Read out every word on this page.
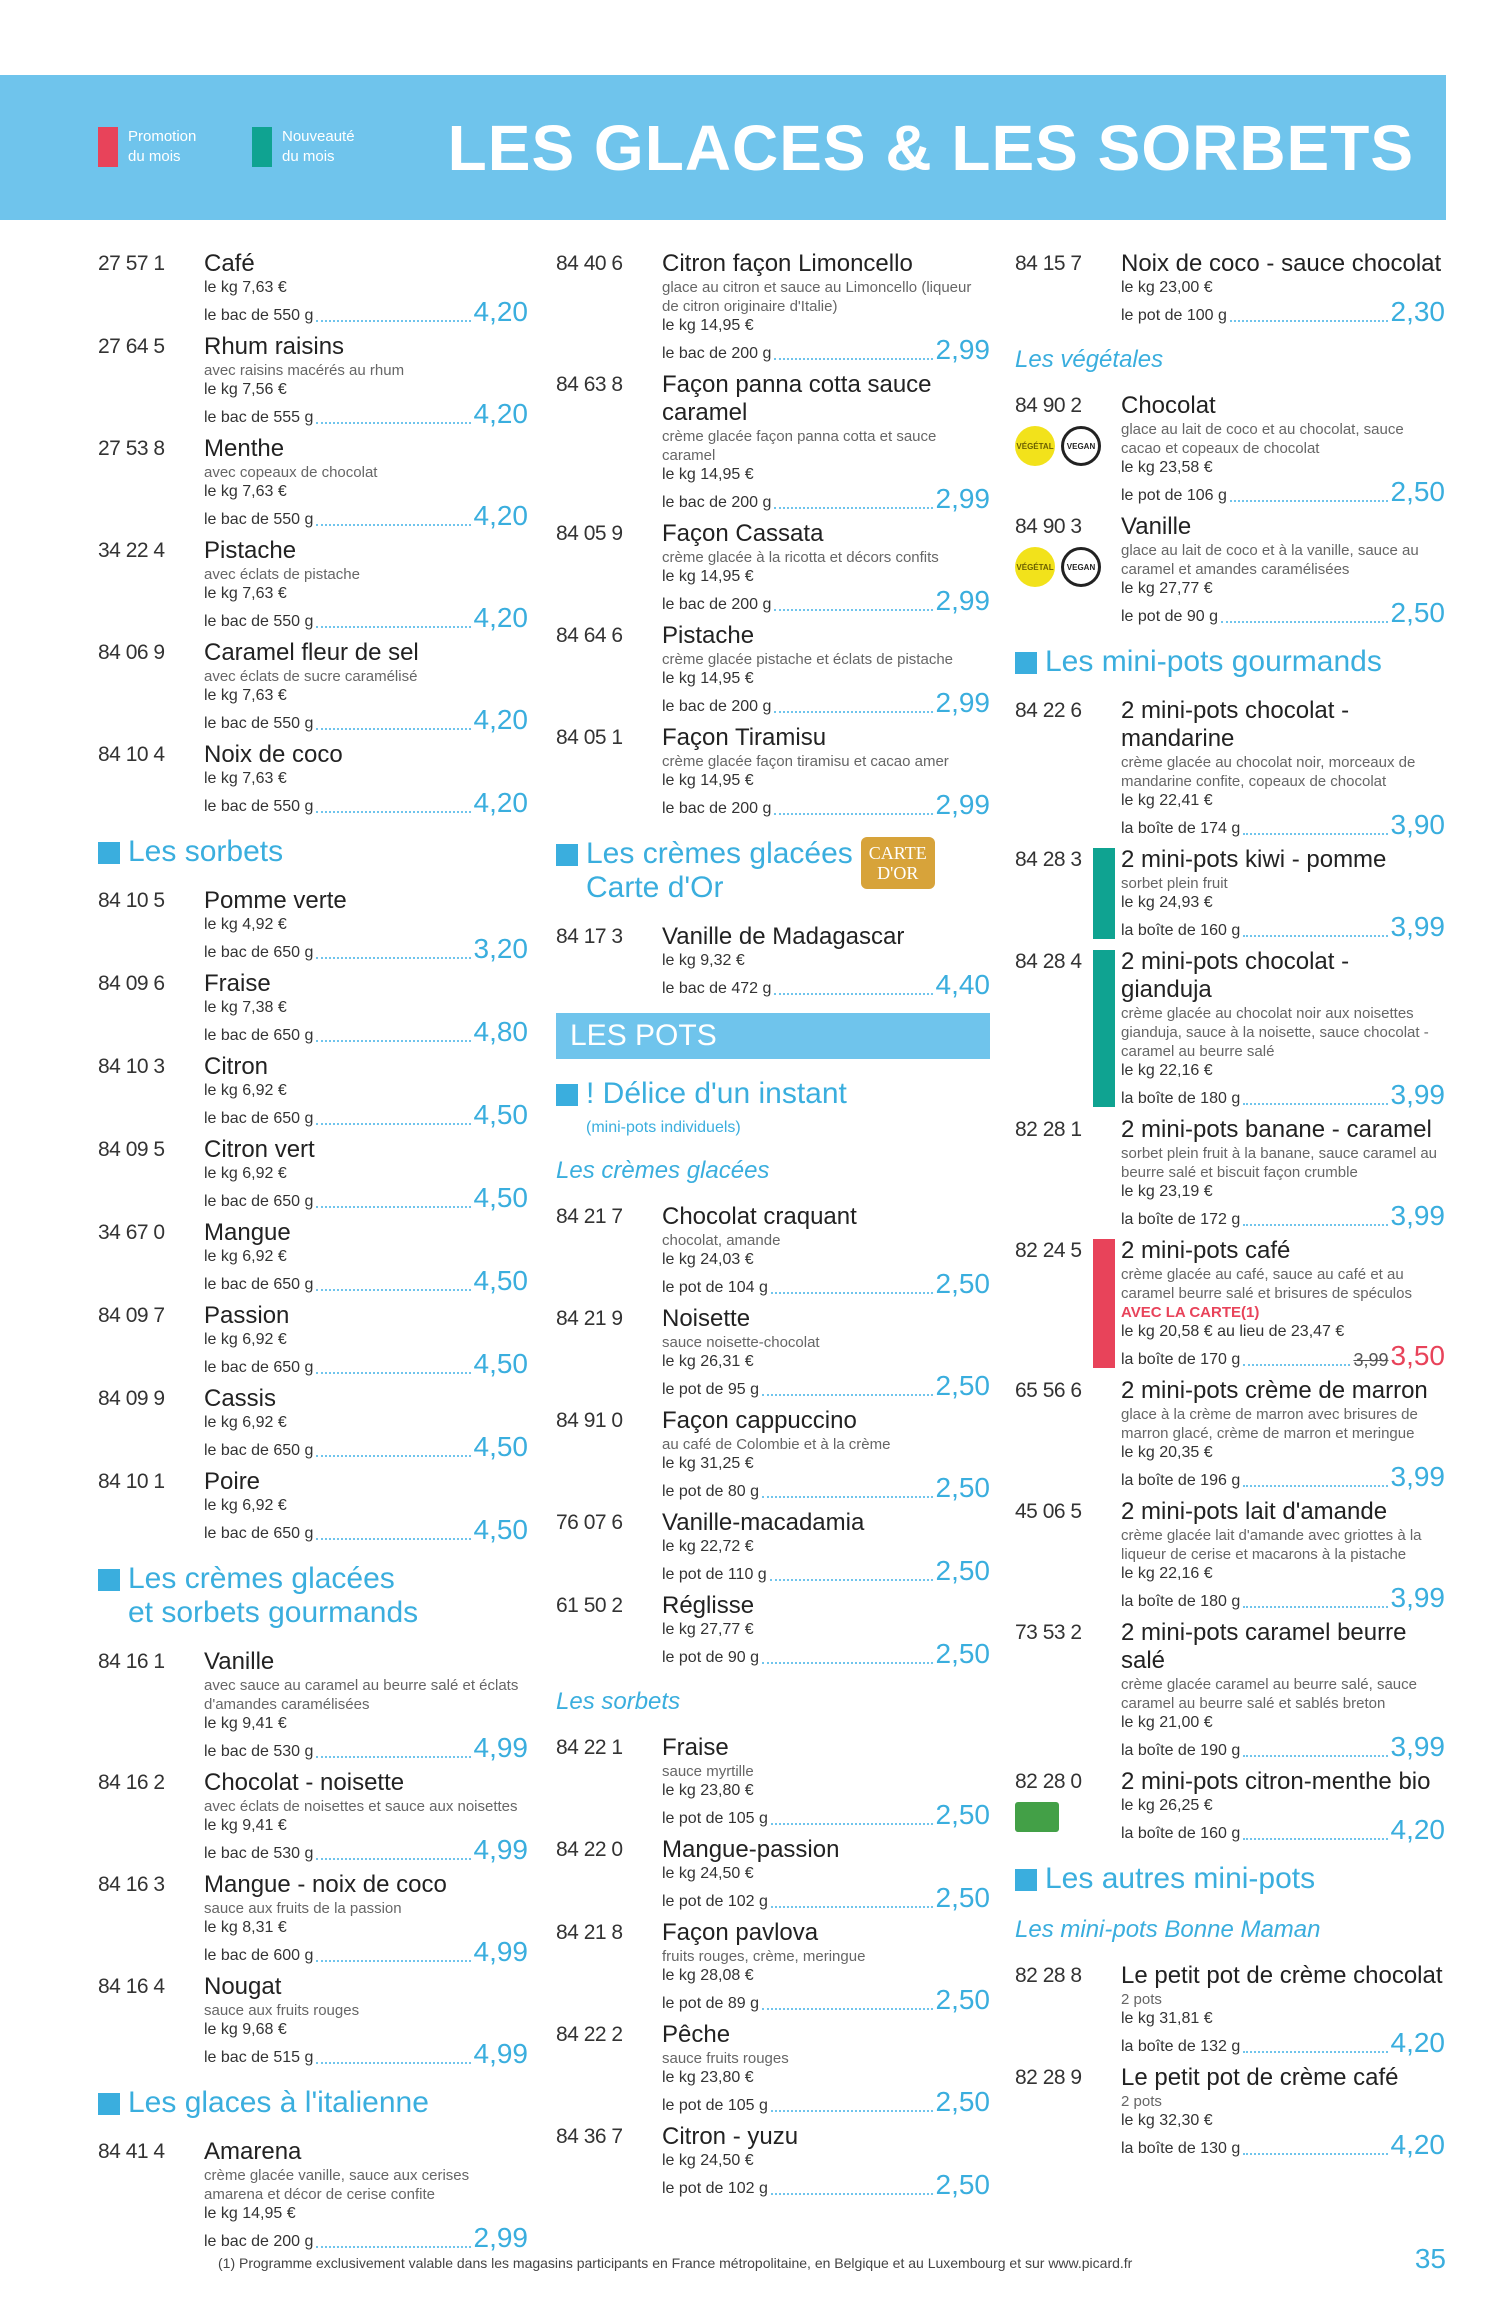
Promotion
du mois
Nouveauté
du mois	LES GLACES & LES SORBETS
27 57 1 Café
le kg 7,63 €
le bac de 550 g	4,20
27 64 5 Rhum raisins
avec raisins macérés au rhum
le kg 7,56 €
le bac de 555 g	4,20
27 53 8 Menthe
avec copeaux de chocolat
le kg 7,63 €
le bac de 550 g	4,20
34 22 4 Pistache
avec éclats de pistache
le kg 7,63 €
le bac de 550 g	4,20
84 06 9 Caramel fleur de sel
avec éclats de sucre caramélisé
le kg 7,63 €
le bac de 550 g	4,20
84 10 4 Noix de coco
le kg 7,63 €
le bac de 550 g	4,20
Les sorbets
84 10 5 Pomme verte
le kg 4,92 €
le bac de 650 g	3,20
84 09 6 Fraise
le kg 7,38 €
le bac de 650 g	4,80
84 10 3 Citron
le kg 6,92 €
le bac de 650 g	4,50
84 09 5 Citron vert
le kg 6,92 €
le bac de 650 g	4,50
34 67 0 Mangue
le kg 6,92 €
le bac de 650 g	4,50
84 09 7 Passion
le kg 6,92 €
le bac de 650 g	4,50
84 09 9 Cassis
le kg 6,92 €
le bac de 650 g	4,50
84 10 1 Poire
le kg 6,92 €
le bac de 650 g	4,50
Les crèmes glacées
et sorbets gourmands
84 16 1 Vanille
avec sauce au caramel au beurre salé et éclats d'amandes caramélisées
le kg 9,41 €
le bac de 530 g	4,99
84 16 2 Chocolat - noisette
avec éclats de noisettes et sauce aux noisettes
le kg 9,41 €
le bac de 530 g	4,99
84 16 3 Mangue - noix de coco
sauce aux fruits de la passion
le kg 8,31 €
le bac de 600 g	4,99
84 16 4 Nougat
sauce aux fruits rouges
le kg 9,68 €
le bac de 515 g	4,99
Les glaces à l'italienne
84 41 4 Amarena
crème glacée vanille, sauce aux cerises amarena et décor de cerise confite
le kg 14,95 €
le bac de 200 g	2,99
84 40 6 Citron façon Limoncello
glace au citron et sauce au Limoncello (liqueur de citron originaire d'Italie)
le kg 14,95 €
le bac de 200 g	2,99
84 63 8 Façon panna cotta sauce caramel
crème glacée façon panna cotta et sauce caramel
le kg 14,95 €
le bac de 200 g	2,99
84 05 9 Façon Cassata
crème glacée à la ricotta et décors confits
le kg 14,95 €
le bac de 200 g	2,99
84 64 6 Pistache
crème glacée pistache et éclats de pistache
le kg 14,95 €
le bac de 200 g	2,99
84 05 1 Façon Tiramisu
crème glacée façon tiramisu et cacao amer
le kg 14,95 €
le bac de 200 g	2,99
Les crèmes glacées
Carte d'Or
CARTE
D'OR
84 17 3 Vanille de Madagascar
le kg 9,32 €
le bac de 472 g	4,40
LES POTS
! Délice d'un instant
(mini-pots individuels)
Les crèmes glacées
84 21 7 Chocolat craquant
chocolat, amande
le kg 24,03 €
le pot de 104 g	2,50
84 21 9 Noisette
sauce noisette-chocolat
le kg 26,31 €
le pot de 95 g	2,50
84 91 0 Façon cappuccino
au café de Colombie et à la crème
le kg 31,25 €
le pot de 80 g	2,50
76 07 6 Vanille-macadamia
le kg 22,72 €
le pot de 110 g	2,50
61 50 2 Réglisse
le kg 27,77 €
le pot de 90 g	2,50
Les sorbets
84 22 1 Fraise
sauce myrtille
le kg 23,80 €
le pot de 105 g	2,50
84 22 0 Mangue-passion
le kg 24,50 €
le pot de 102 g	2,50
84 21 8 Façon pavlova
fruits rouges, crème, meringue
le kg 28,08 €
le pot de 89 g	2,50
84 22 2 Pêche
sauce fruits rouges
le kg 23,80 €
le pot de 105 g	2,50
84 36 7 Citron - yuzu
le kg 24,50 €
le pot de 102 g	2,50
84 15 7 Noix de coco - sauce chocolat
le kg 23,00 €
le pot de 100 g	2,30
Les végétales
84 90 2
VÉGÉTAL	VEGAN
Chocolat
glace au lait de coco et au chocolat, sauce cacao et copeaux de chocolat
le kg 23,58 €
le pot de 106 g	2,50
84 90 3
VÉGÉTAL	VEGAN
Vanille
glace au lait de coco et à la vanille, sauce au caramel et amandes caramélisées
le kg 27,77 €
le pot de 90 g	2,50
Les mini-pots gourmands
84 22 6 2 mini-pots chocolat - mandarine
crème glacée au chocolat noir, morceaux de mandarine confite, copeaux de chocolat
le kg 22,41 €
la boîte de 174 g	3,90
84 28 3 2 mini-pots kiwi - pomme
sorbet plein fruit
le kg 24,93 €
la boîte de 160 g	3,99
84 28 4 2 mini-pots chocolat - gianduja
crème glacée au chocolat noir aux noisettes gianduja, sauce à la noisette, sauce chocolat - caramel au beurre salé
le kg 22,16 €
la boîte de 180 g	3,99
82 28 1 2 mini-pots banane - caramel
sorbet plein fruit à la banane, sauce caramel au beurre salé et biscuit façon crumble
le kg 23,19 €
la boîte de 172 g	3,99
82 24 5 2 mini-pots café
crème glacée au café, sauce au café et au caramel beurre salé et brisures de spéculos
AVEC LA CARTE(1)
le kg 20,58 € au lieu de 23,47 €
la boîte de 170 g	3,99 3,50
65 56 6 2 mini-pots crème de marron
glace à la crème de marron avec brisures de marron glacé, crème de marron et meringue
le kg 20,35 €
la boîte de 196 g	3,99
45 06 5 2 mini-pots lait d'amande
crème glacée lait d'amande avec griottes à la liqueur de cerise et macarons à la pistache
le kg 22,16 €
la boîte de 180 g	3,99
73 53 2 2 mini-pots caramel beurre salé
crème glacée caramel au beurre salé, sauce caramel au beurre salé et sablés breton
le kg 21,00 €
la boîte de 190 g	3,99
82 28 0 2 mini-pots citron-menthe bio
le kg 26,25 €
la boîte de 160 g	4,20
Les autres mini-pots
Les mini-pots Bonne Maman
82 28 8 Le petit pot de crème chocolat
2 pots
le kg 31,81 €
la boîte de 132 g	4,20
82 28 9 Le petit pot de crème café
2 pots
le kg 32,30 €
la boîte de 130 g	4,20
(1) Programme exclusivement valable dans les magasins participants en France métropolitaine, en Belgique et au Luxembourg et sur www.picard.fr	35
